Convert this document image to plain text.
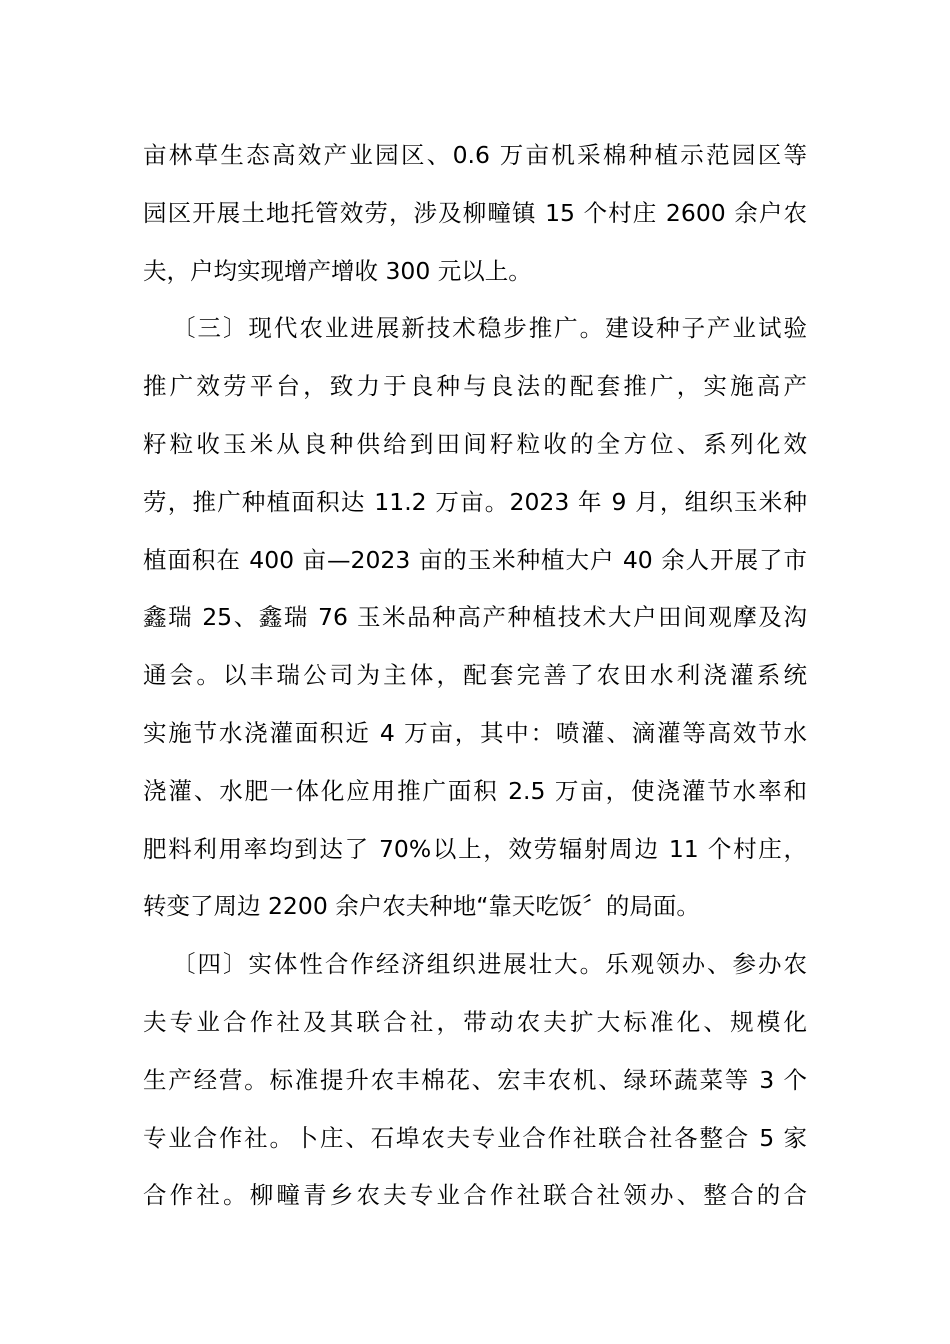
亩林草生态高效产业园区、0.6 万亩机采棉种植示范园区等
园区开展土地托管效劳，涉及柳疃镇 15 个村庄 2600 余户农
夫，户均实现增产增收 300 元以上。
〔三〕现代农业进展新技术稳步推广。建设种子产业试验
推广效劳平台，致力于良种与良法的配套推广，实施高产
籽粒收玉米从良种供给到田间籽粒收的全方位、系列化效
劳，推广种植面积达 11.2 万亩。2023 年 9 月，组织玉米种
植面积在 400 亩—2023 亩的玉米种植大户 40 余人开展了市
鑫瑞 25、鑫瑞 76 玉米品种高产种植技术大户田间观摩及沟
通会。以丰瑞公司为主体，配套完善了农田水利浇灌系统
实施节水浇灌面积近 4 万亩，其中：喷灌、滴灌等高效节水
浇灌、水肥一体化应用推广面积 2.5 万亩，使浇灌节水率和
肥料利用率均到达了 70%以上，效劳辐射周边 11 个村庄，
转变了周边 2200 余户农夫种地“靠天吃饭〞的局面。
〔四〕实体性合作经济组织进展壮大。乐观领办、参办农
夫专业合作社及其联合社，带动农夫扩大标准化、规模化
生产经营。标准提升农丰棉花、宏丰农机、绿环蔬菜等 3 个
专业合作社。卜庄、石埠农夫专业合作社联合社各整合 5 家
合作社。柳疃青乡农夫专业合作社联合社领办、整合的合
